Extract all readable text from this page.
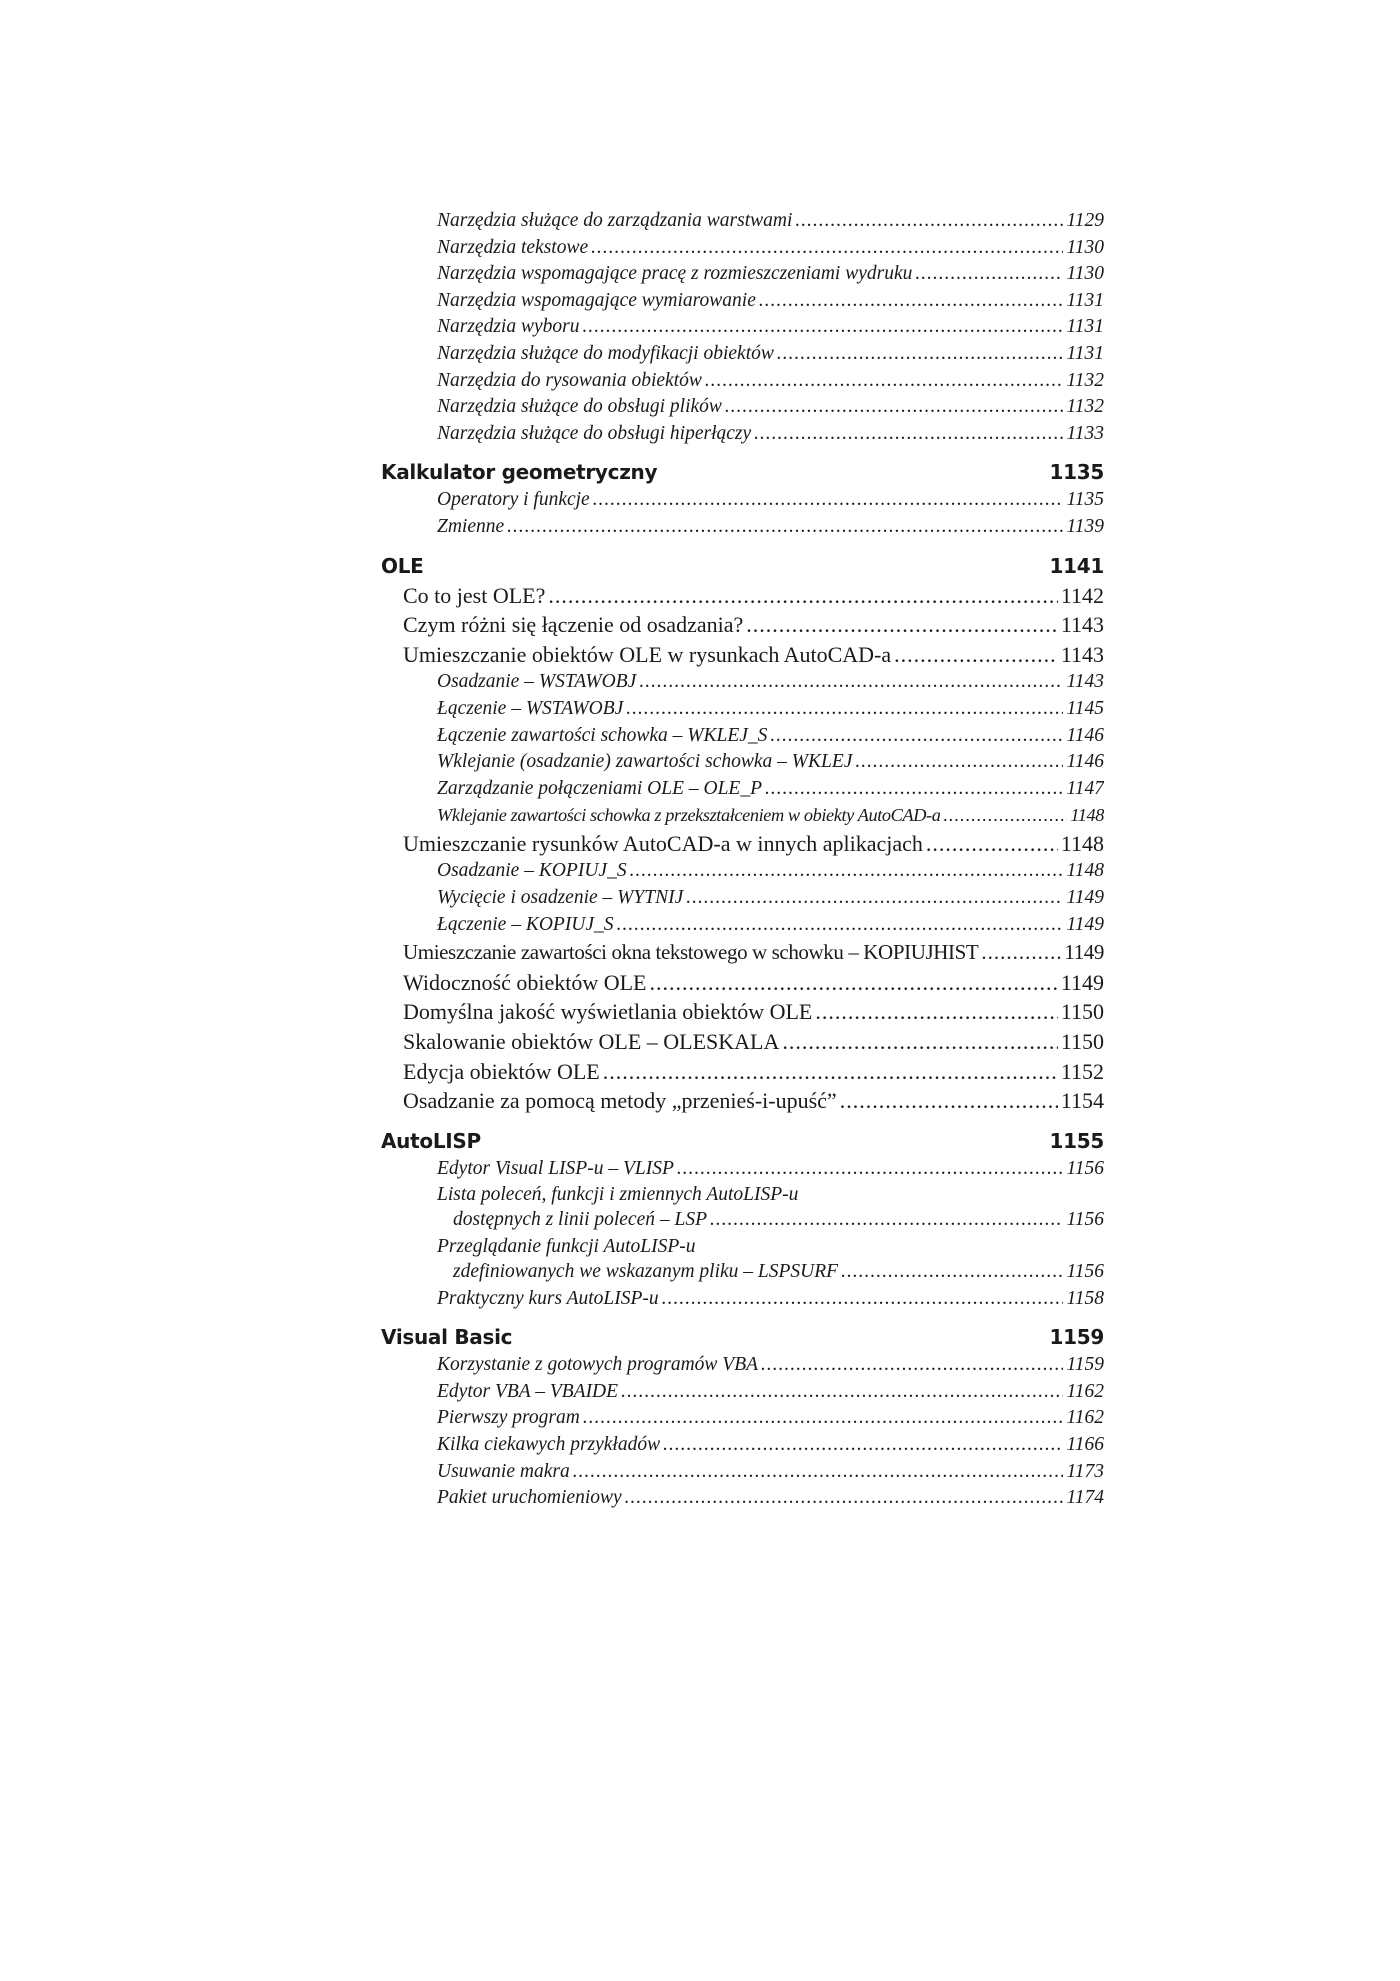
Narzędzia służące do zarządzania warstwami .....	1129
Narzędzia tekstowe .....	1130
Narzędzia wspomagające pracę z rozmieszczeniami wydruku .....	1130
Narzędzia wspomagające wymiarowanie .....	1131
Narzędzia wyboru .....	1131
Narzędzia służące do modyfikacji obiektów .....	1131
Narzędzia do rysowania obiektów .....	1132
Narzędzia służące do obsługi plików .....	1132
Narzędzia służące do obsługi hiperłączy .....	1133
Kalkulator geometryczny	1135
Operatory i funkcje .....	1135
Zmienne .....	1139
OLE	1141
Co to jest OLE? .....	1142
Czym różni się łączenie od osadzania? .....	1143
Umieszczanie obiektów OLE w rysunkach AutoCAD-a .....	1143
Osadzanie – WSTAWOBJ .....	1143
Łączenie – WSTAWOBJ .....	1145
Łączenie zawartości schowka – WKLEJ_S .....	1146
Wklejanie (osadzanie) zawartości schowka – WKLEJ .....	1146
Zarządzanie połączeniami OLE – OLE_P .....	1147
Wklejanie zawartości schowka z przekształceniem w obiekty AutoCAD-a .....	1148
Umieszczanie rysunków AutoCAD-a w innych aplikacjach .....	1148
Osadzanie – KOPIUJ_S .....	1148
Wycięcie i osadzenie – WYTNIJ .....	1149
Łączenie – KOPIUJ_S .....	1149
Umieszczanie zawartości okna tekstowego w schowku – KOPIUJHIST .....	1149
Widoczność obiektów OLE .....	1149
Domyślna jakość wyświetlania obiektów OLE .....	1150
Skalowanie obiektów OLE – OLESKALA .....	1150
Edycja obiektów OLE .....	1152
Osadzanie za pomocą metody „przenieś-i-upuść” .....	1154
AutoLISP	1155
Edytor Visual LISP-u – VLISP .....	1156
Lista poleceń, funkcji i zmiennych AutoLISP-u
dostępnych z linii poleceń – LSP .....	1156
Przeglądanie funkcji AutoLISP-u
zdefiniowanych we wskazanym pliku – LSPSURF .....	1156
Praktyczny kurs AutoLISP-u .....	1158
Visual Basic	1159
Korzystanie z gotowych programów VBA .....	1159
Edytor VBA – VBAIDE .....	1162
Pierwszy program .....	1162
Kilka ciekawych przykładów .....	1166
Usuwanie makra .....	1173
Pakiet uruchomieniowy .....	1174
